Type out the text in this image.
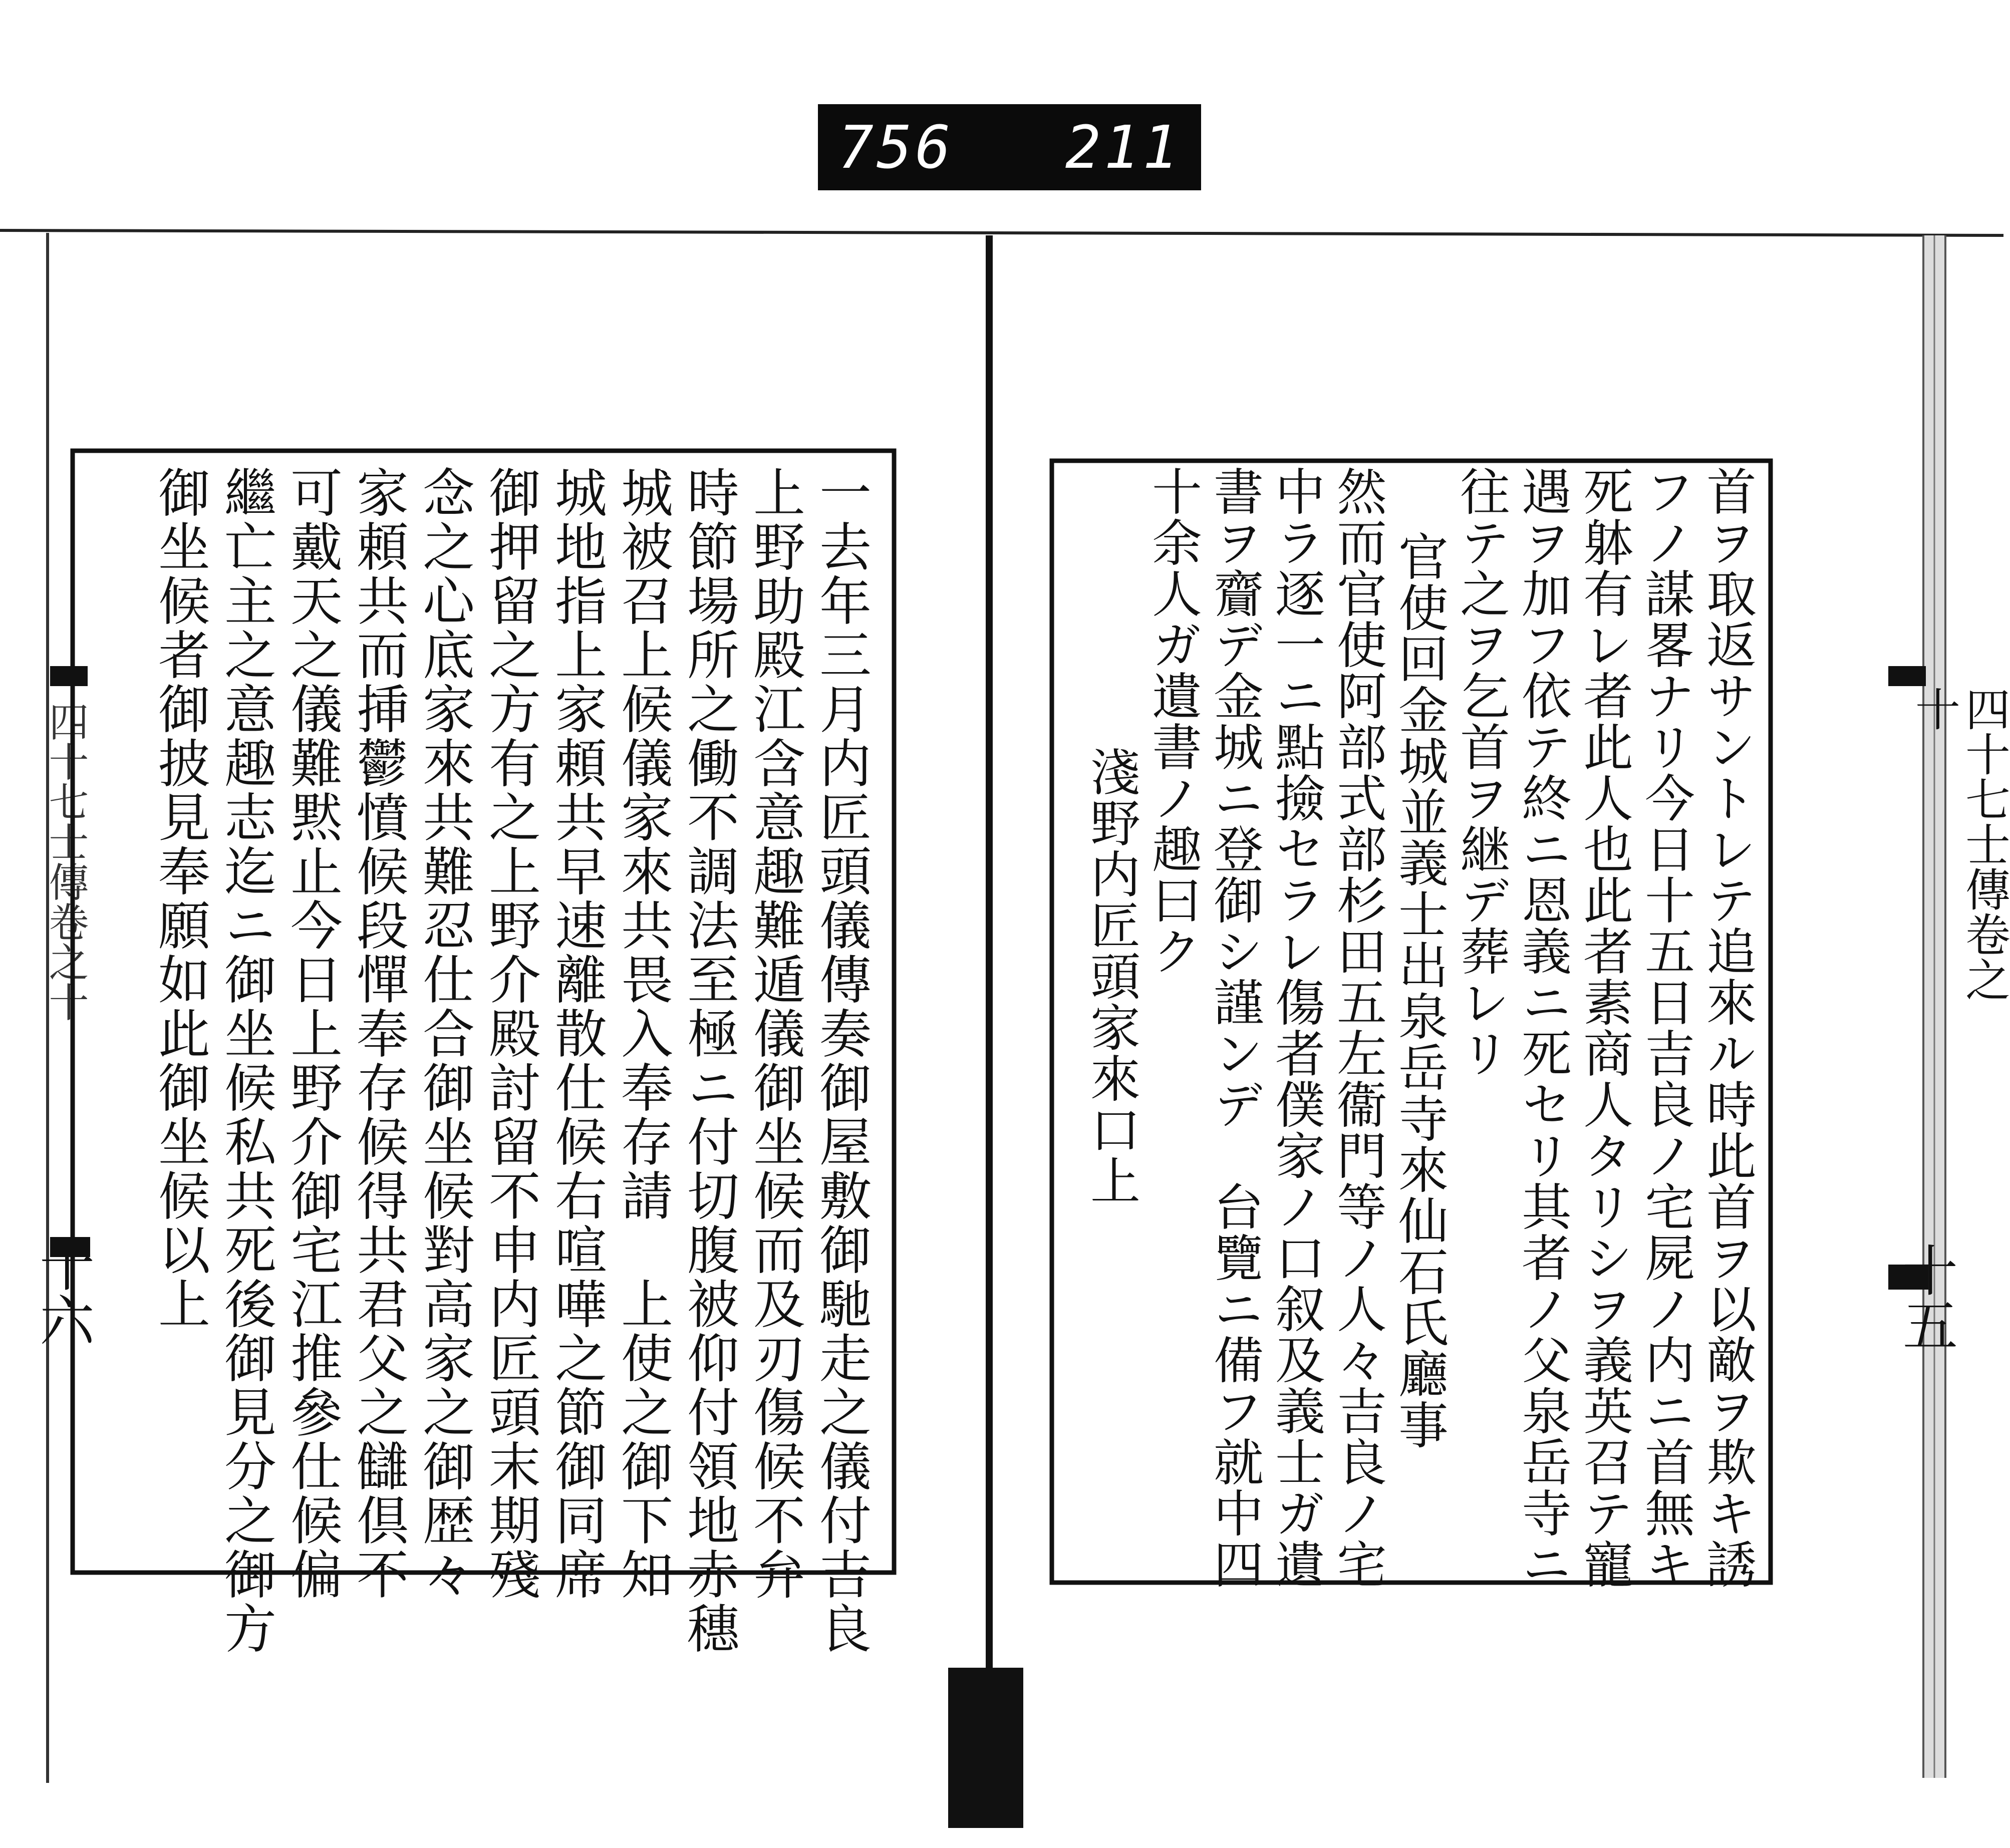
756 211
四十七士傳卷之十
十五
四十七士傳卷之十
十六	首ヲ取返サントレテ追來ル時此首ヲ以敵ヲ欺キ誘
フノ謀畧ナリ今日十五日吉良ノ宅屍ノ内ニ首無キ
死躰有レ者此人也此者素商人タリシヲ義英召テ寵
遇ヲ加フ依テ終ニ恩義ニ死セリ其者ノ父泉岳寺ニ
往テ之ヲ乞首ヲ継デ葬レリ
官使回金城並義士出泉岳寺來仙石氏廳事
然而官使阿部式部杉田五左衞門等ノ人々吉良ノ宅
中ラ逐一ニ點撿セラレ傷者僕家ノ口叙及義士ガ遺
書ヲ齎デ金城ニ登御シ謹ンデ　台覽ニ備フ就中四
十余人ガ遺書ノ趣曰ク
淺野内匠頭家來口上
一去年三月内匠頭儀傳奏御屋敷御馳走之儀付吉良
上野助殿江含意趣難遁儀御坐候而及刃傷候不弁
時節場所之働不調法至極ニ付切腹被仰付領地赤穗
城被召上候儀家來共畏入奉存請　上使之御下知
城地指上家頼共早速離散仕候右喧嘩之節御同席
御押留之方有之上野介殿討留不申内匠頭末期殘
念之心底家來共難忍仕合御坐候對高家之御歴々
家頼共而挿鬱憤候段憚奉存候得共君父之讎倶不
可戴天之儀難黙止今日上野介御宅江推參仕候偏
繼亡主之意趣志迄ニ御坐候私共死後御見分之御方
御坐候者御披見奉願如此御坐候以上
